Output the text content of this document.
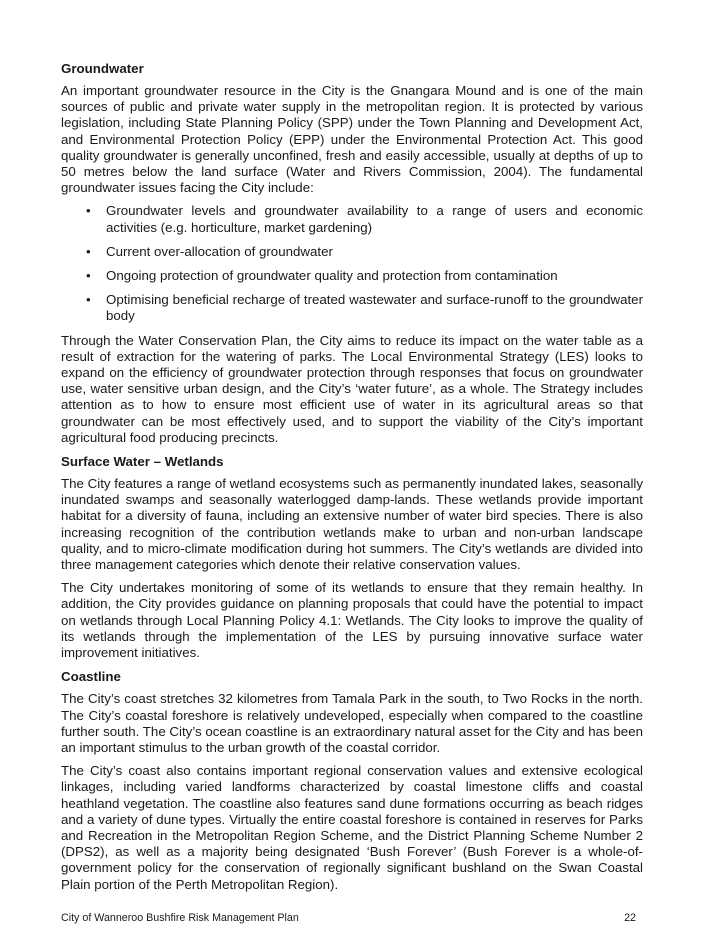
Groundwater

An important groundwater resource in the City is the Gnangara Mound and is one of the main sources of public and private water supply in the metropolitan region. It is protected by various legislation, including State Planning Policy (SPP) under the Town Planning and Development Act, and Environmental Protection Policy (EPP) under the Environmental Protection Act. This good quality groundwater is generally unconfined, fresh and easily accessible, usually at depths of up to 50 metres below the land surface (Water and Rivers Commission, 2004). The fundamental groundwater issues facing the City include:

•	Groundwater levels and groundwater availability to a range of users and economic activities (e.g. horticulture, market gardening)
•	Current over-allocation of groundwater
•	Ongoing protection of groundwater quality and protection from contamination
•	Optimising beneficial recharge of treated wastewater and surface-runoff to the groundwater body

Through the Water Conservation Plan, the City aims to reduce its impact on the water table as a result of extraction for the watering of parks. The Local Environmental Strategy (LES) looks to expand on the efficiency of groundwater protection through responses that focus on groundwater use, water sensitive urban design, and the City’s ‘water future’, as a whole. The Strategy includes attention as to how to ensure most efficient use of water in its agricultural areas so that groundwater can be most effectively used, and to support the viability of the City’s important agricultural food producing precincts.

Surface Water – Wetlands

The City features a range of wetland ecosystems such as permanently inundated lakes, seasonally inundated swamps and seasonally waterlogged damp-lands. These wetlands provide important habitat for a diversity of fauna, including an extensive number of water bird species. There is also increasing recognition of the contribution wetlands make to urban and non-urban landscape quality, and to micro-climate modification during hot summers. The City’s wetlands are divided into three management categories which denote their relative conservation values.

The City undertakes monitoring of some of its wetlands to ensure that they remain healthy. In addition, the City provides guidance on planning proposals that could have the potential to impact on wetlands through Local Planning Policy 4.1: Wetlands. The City looks to improve the quality of its wetlands through the implementation of the LES by pursuing innovative surface water improvement initiatives.

Coastline

The City’s coast stretches 32 kilometres from Tamala Park in the south, to Two Rocks in the north. The City’s coastal foreshore is relatively undeveloped, especially when compared to the coastline further south. The City’s ocean coastline is an extraordinary natural asset for the City and has been an important stimulus to the urban growth of the coastal corridor.

The City’s coast also contains important regional conservation values and extensive ecological linkages, including varied landforms characterized by coastal limestone cliffs and coastal heathland vegetation. The coastline also features sand dune formations occurring as beach ridges and a variety of dune types. Virtually the entire coastal foreshore is contained in reserves for Parks and Recreation in the Metropolitan Region Scheme, and the District Planning Scheme Number 2 (DPS2), as well as a majority being designated ‘Bush Forever’ (Bush Forever is a whole-of-government policy for the conservation of regionally significant bushland on the Swan Coastal Plain portion of the Perth Metropolitan Region).

City of Wanneroo Bushfire Risk Management Plan	22
